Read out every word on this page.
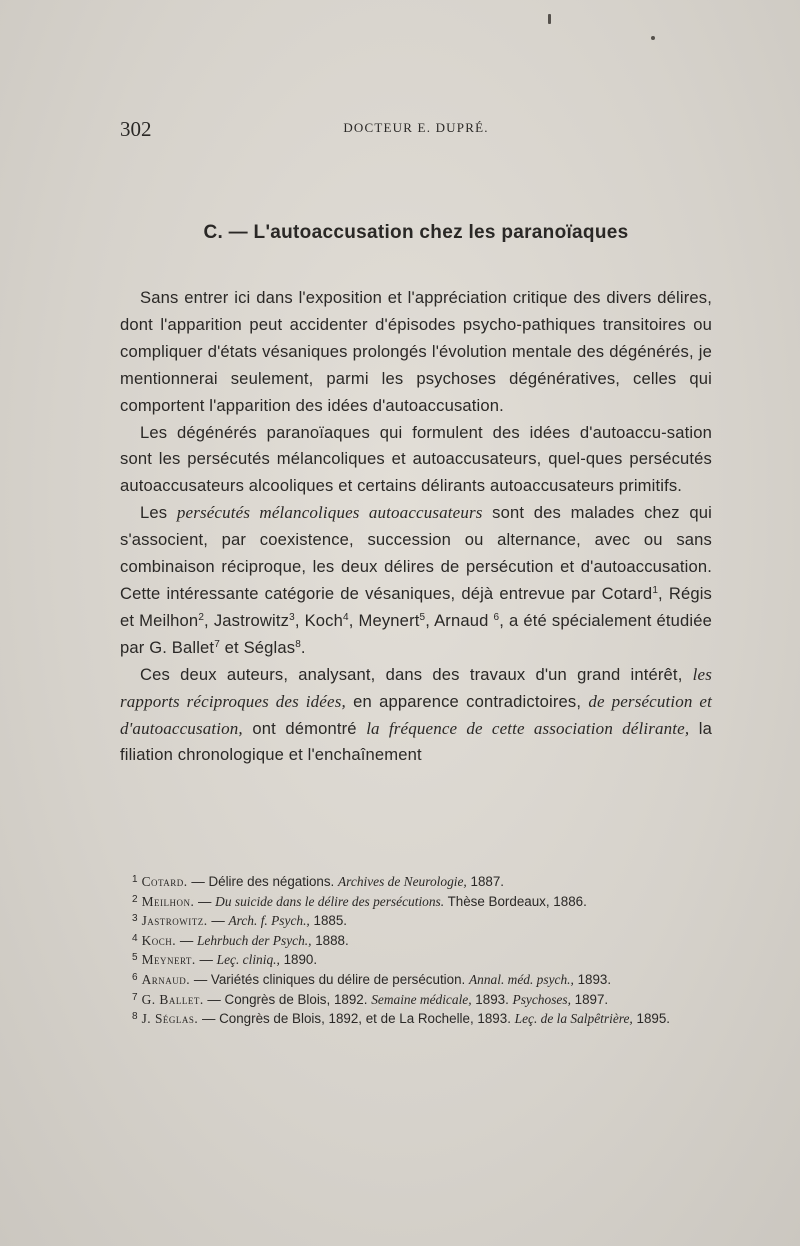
302	DOCTEUR E. DUPRÉ.
C. — L'autoaccusation chez les paranoïaques

Sans entrer ici dans l'exposition et l'appréciation critique des divers délires, dont l'apparition peut accidenter d'épisodes psycho-pathiques transitoires ou compliquer d'états vésaniques prolongés l'évolution mentale des dégénérés, je mentionnerai seulement, parmi les psychoses dégénératives, celles qui comportent l'apparition des idées d'autoaccusation.

Les dégénérés paranoïaques qui formulent des idées d'autoaccu-sation sont les persécutés mélancoliques et autoaccusateurs, quel-ques persécutés autoaccusateurs alcooliques et certains délirants autoaccusateurs primitifs.

Les persécutés mélancoliques autoaccusateurs sont des malades chez qui s'associent, par coexistence, succession ou alternance, avec ou sans combinaison réciproque, les deux délires de persécution et d'autoaccusation. Cette intéressante catégorie de vésaniques, déjà entrevue par Cotard$^1$, Régis et Meilhon$^2$, Jastrowitz$^3$, Koch$^4$, Meynert$^5$, Arnaud $^6$, a été spécialement étudiée par G. Ballet$^7$ et Séglas$^8$.

Ces deux auteurs, analysant, dans des travaux d'un grand intérêt, les rapports réciproques des idées, en apparence contradictoires, de persécution et d'autoaccusation, ont démontré la fréquence de cette association délirante, la filiation chronologique et l'enchaînement

$^1$ Cotard. — Délire des négations. Archives de Neurologie, 1887.

$^2$ Meilhon. — Du suicide dans le délire des persécutions. Thèse Bordeaux, 1886.

$^3$ Jastrowitz. — Arch. f. Psych., 1885.

$^4$ Koch. — Lehrbuch der Psych., 1888.

$^5$ Meynert. — Leç. cliniq., 1890.

$^6$ Arnaud. — Variétés cliniques du délire de persécution. Annal. méd. psych., 1893.

$^7$ G. Ballet. — Congrès de Blois, 1892. Semaine médicale, 1893. Psychoses, 1897.

$^8$ J. Séglas. — Congrès de Blois, 1892, et de La Rochelle, 1893. Leç. de la Salpêtrière, 1895.
